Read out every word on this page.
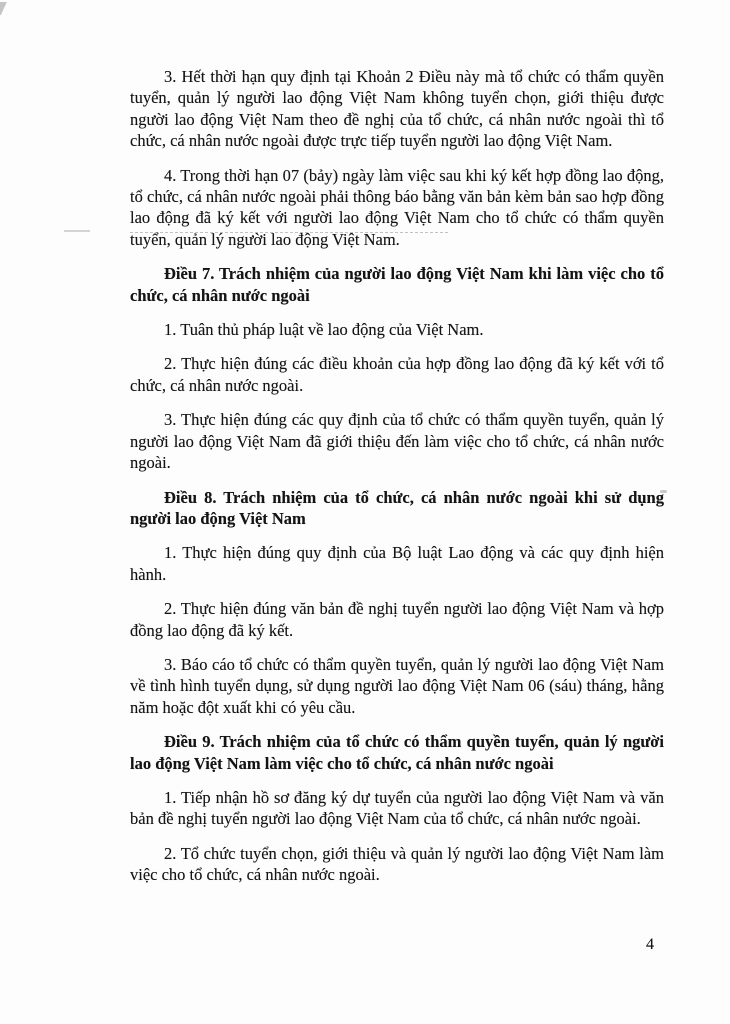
3. Hết thời hạn quy định tại Khoản 2 Điều này mà tổ chức có thẩm quyền tuyển, quản lý người lao động Việt Nam không tuyển chọn, giới thiệu được người lao động Việt Nam theo đề nghị của tổ chức, cá nhân nước ngoài thì tổ chức, cá nhân nước ngoài được trực tiếp tuyển người lao động Việt Nam.

4. Trong thời hạn 07 (bảy) ngày làm việc sau khi ký kết hợp đồng lao động, tổ chức, cá nhân nước ngoài phải thông báo bằng văn bản kèm bản sao hợp đồng lao động đã ký kết với người lao động Việt Nam cho tổ chức có thẩm quyền tuyển, quản lý người lao động Việt Nam.

Điều 7. Trách nhiệm của người lao động Việt Nam khi làm việc cho tổ chức, cá nhân nước ngoài

1. Tuân thủ pháp luật về lao động của Việt Nam.

2. Thực hiện đúng các điều khoản của hợp đồng lao động đã ký kết với tổ chức, cá nhân nước ngoài.

3. Thực hiện đúng các quy định của tổ chức có thẩm quyền tuyển, quản lý người lao động Việt Nam đã giới thiệu đến làm việc cho tổ chức, cá nhân nước ngoài.

Điều 8. Trách nhiệm của tổ chức, cá nhân nước ngoài khi sử dụng người lao động Việt Nam

1. Thực hiện đúng quy định của Bộ luật Lao động và các quy định hiện hành.

2. Thực hiện đúng văn bản đề nghị tuyển người lao động Việt Nam và hợp đồng lao động đã ký kết.

3. Báo cáo tổ chức có thẩm quyền tuyển, quản lý người lao động Việt Nam về tình hình tuyển dụng, sử dụng người lao động Việt Nam 06 (sáu) tháng, hằng năm hoặc đột xuất khi có yêu cầu.

Điều 9. Trách nhiệm của tổ chức có thẩm quyền tuyển, quản lý người lao động Việt Nam làm việc cho tổ chức, cá nhân nước ngoài

1. Tiếp nhận hồ sơ đăng ký dự tuyển của người lao động Việt Nam và văn bản đề nghị tuyển người lao động Việt Nam của tổ chức, cá nhân nước ngoài.

2. Tổ chức tuyển chọn, giới thiệu và quản lý người lao động Việt Nam làm việc cho tổ chức, cá nhân nước ngoài.

4
